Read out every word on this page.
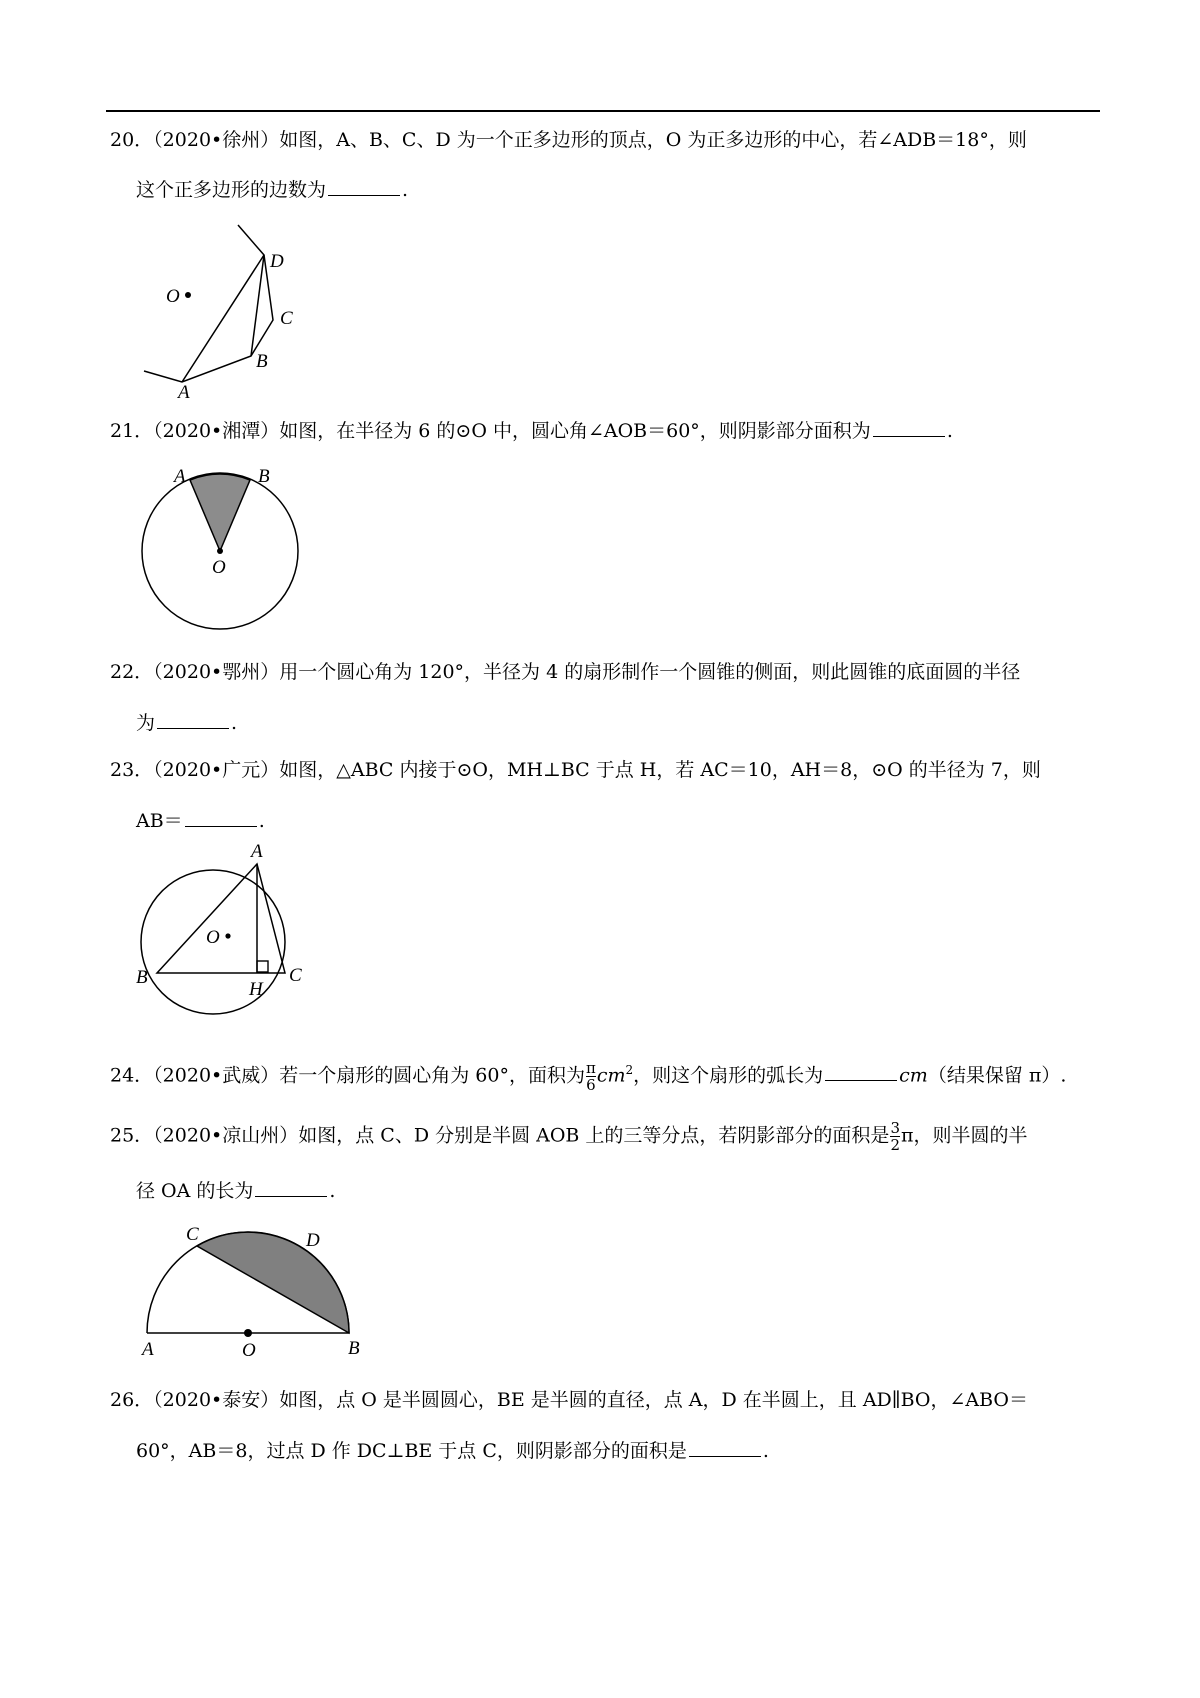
20．（2020•徐州）如图，A、B、C、D 为一个正多边形的顶点，O 为正多边形的中心，若∠ADB＝18°，则
这个正多边形的边数为	.
O
D
C
B
A
21．（2020•湘潭）如图，在半径为 6 的⊙O 中，圆心角∠AOB＝60°，则阴影部分面积为	.
A	B
O
22．（2020•鄂州）用一个圆心角为 120°，半径为 4 的扇形制作一个圆锥的侧面，则此圆锥的底面圆的半径
为	.
23．（2020•广元）如图，△ABC 内接于⊙O，MH⊥BC 于点 H，若 AC＝10，AH＝8，⊙O 的半径为 7，则
AB＝	.
A
O
B
H
C
24．（2020•武威）若一个扇形的圆心角为 60°，面积为 $\frac{\pi}{6} cm^2$，则这个扇形的弧长为	cm（结果保留 π）.
25．（2020•凉山州）如图，点 C、D 分别是半圆 AOB 上的三等分点，若阴影部分的面积是 $\frac{3}{2}$ π，则半圆的半
径 OA 的长为	.
C	D
A	O	B
26．（2020•泰安）如图，点 O 是半圆圆心，BE 是半圆的直径，点 A，D 在半圆上，且 AD∥BO，∠ABO＝
60°，AB＝8，过点 D 作 DC⊥BE 于点 C，则阴影部分的面积是	.
